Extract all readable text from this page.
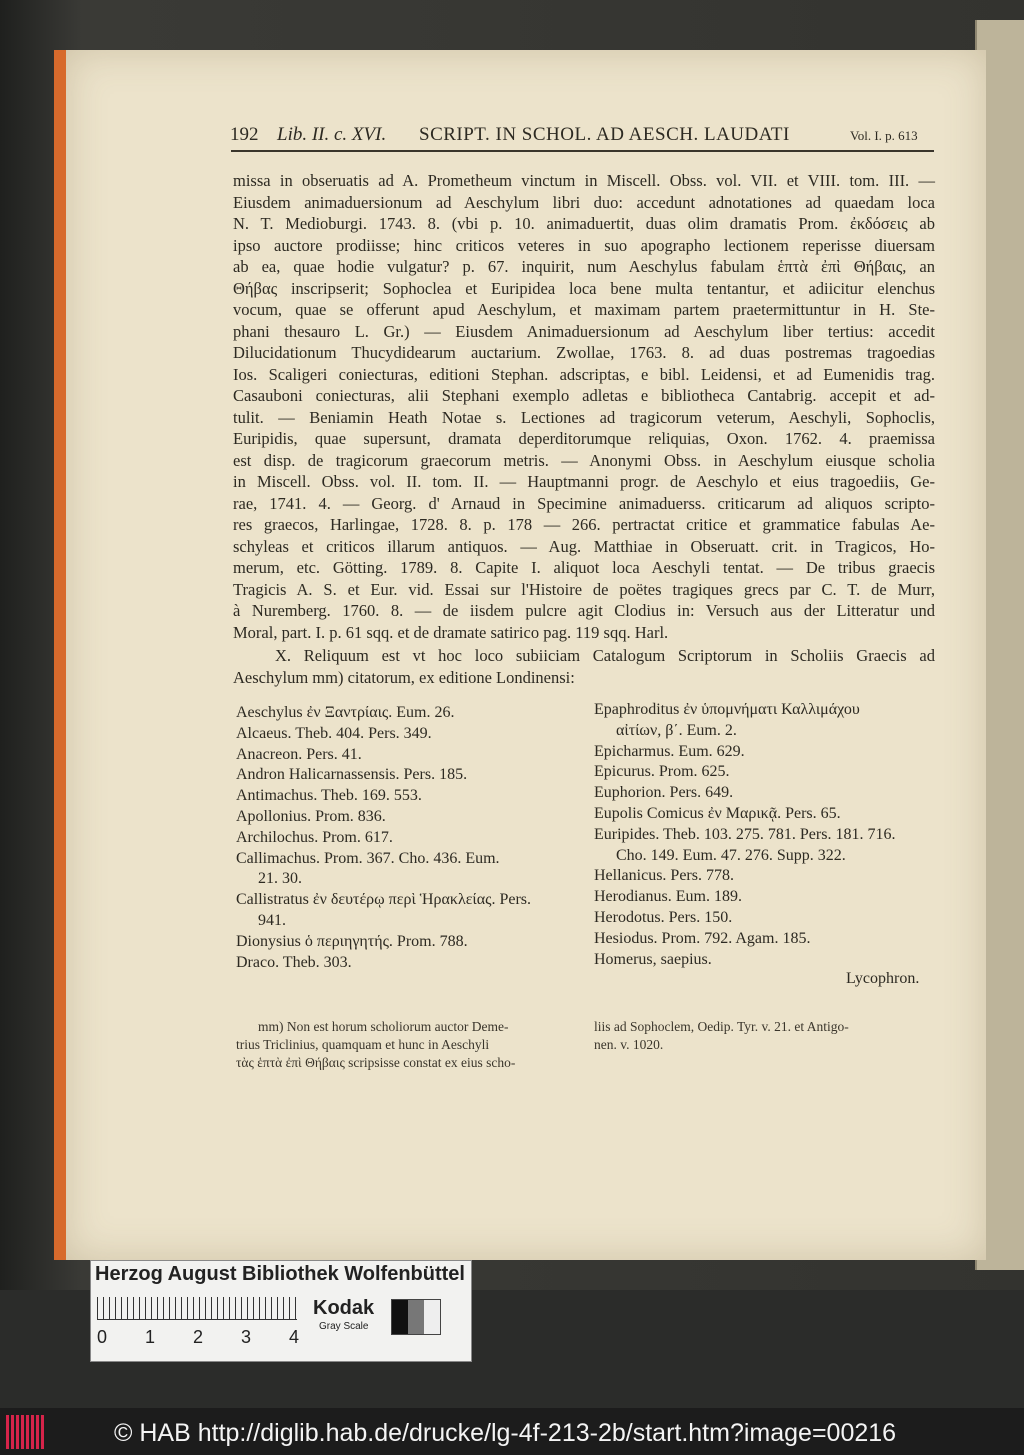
192 Lib. II. c. XVI. SCRIPT. IN SCHOL. AD AESCH. LAUDATI	Vol. I. p. 613
missa in obseruatis ad A. Prometheum vinctum in Miscell. Obss. vol. VII. et VIII. tom. III. —
Eiusdem animaduersionum ad Aeschylum libri duo: accedunt adnotationes ad quaedam loca
N. T. Medioburgi. 1743. 8. (vbi p. 10. animaduertit, duas olim dramatis Prom. ἐκδόσεις ab
ipso auctore prodiisse; hinc criticos veteres in suo apographo lectionem reperisse diuersam
ab ea, quae hodie vulgatur? p. 67. inquirit, num Aeschylus fabulam ἑπτὰ ἐπὶ Θήβαις, an
Θήβας inscripserit; Sophoclea et Euripidea loca bene multa tentantur, et adiicitur elenchus
vocum, quae se offerunt apud Aeschylum, et maximam partem praetermittuntur in H. Ste-
phani thesauro L. Gr.) — Eiusdem Animaduersionum ad Aeschylum liber tertius: accedit
Dilucidationum Thucydidearum auctarium. Zwollae, 1763. 8. ad duas postremas tragoedias
Ios. Scaligeri coniecturas, editioni Stephan. adscriptas, e bibl. Leidensi, et ad Eumenidis trag.
Casauboni coniecturas, alii Stephani exemplo adletas e bibliotheca Cantabrig. accepit et ad-
tulit. — Beniamin Heath Notae s. Lectiones ad tragicorum veterum, Aeschyli, Sophoclis,
Euripidis, quae supersunt, dramata deperditorumque reliquias, Oxon. 1762. 4. praemissa
est disp. de tragicorum graecorum metris. — Anonymi Obss. in Aeschylum eiusque scholia
in Miscell. Obss. vol. II. tom. II. — Hauptmanni progr. de Aeschylo et eius tragoediis, Ge-
rae, 1741. 4. — Georg. d' Arnaud in Specimine animaduerss. criticarum ad aliquos scripto-
res graecos, Harlingae, 1728. 8. p. 178 — 266. pertractat critice et grammatice fabulas Ae-
schyleas et criticos illarum antiquos. — Aug. Matthiae in Obseruatt. crit. in Tragicos, Ho-
merum, etc. Götting. 1789. 8. Capite I. aliquot loca Aeschyli tentat. — De tribus graecis
Tragicis A. S. et Eur. vid. Essai sur l'Histoire de poëtes tragiques grecs par C. T. de Murr,
à Nuremberg. 1760. 8. — de iisdem pulcre agit Clodius in: Versuch aus der Litteratur und
Moral, part. I. p. 61 sqq. et de dramate satirico pag. 119 sqq. Harl.
X. Reliquum est vt hoc loco subiiciam Catalogum Scriptorum in Scholiis Graecis ad
Aeschylum mm) citatorum, ex editione Londinensi:
Aeschylus ἐν Ξαντρίαις. Eum. 26.
Alcaeus. Theb. 404. Pers. 349.
Anacreon. Pers. 41.
Andron Halicarnassensis. Pers. 185.
Antimachus. Theb. 169. 553.
Apollonius. Prom. 836.
Archilochus. Prom. 617.
Callimachus. Prom. 367. Cho. 436. Eum.
21. 30.
Callistratus ἐν δευτέρῳ περὶ Ἡρακλείας. Pers.
941.
Dionysius ὁ περιηγητής. Prom. 788.
Draco. Theb. 303.
Epaphroditus ἐν ὑπομνήματι Καλλιμάχου
αἰτίων, β΄. Eum. 2.
Epicharmus. Eum. 629.
Epicurus. Prom. 625.
Euphorion. Pers. 649.
Eupolis Comicus ἐν Μαρικᾷ. Pers. 65.
Euripides. Theb. 103. 275. 781. Pers. 181. 716.
Cho. 149. Eum. 47. 276. Supp. 322.
Hellanicus. Pers. 778.
Herodianus. Eum. 189.
Herodotus. Pers. 150.
Hesiodus. Prom. 792. Agam. 185.
Homerus, saepius.
Lycophron.
mm) Non est horum scholiorum auctor Deme-
trius Triclinius, quamquam et hunc in Aeschyli
τὰς ἑπτὰ ἐπὶ Θήβαις scripsisse constat ex eius scho-
liis ad Sophoclem, Oedip. Tyr. v. 21. et Antigo-
nen. v. 1020.
Herzog August Bibliothek Wolfenbüttel
0 1 2 3 4
Kodak
Gray Scale
© HAB http://diglib.hab.de/drucke/lg-4f-213-2b/start.htm?image=00216
